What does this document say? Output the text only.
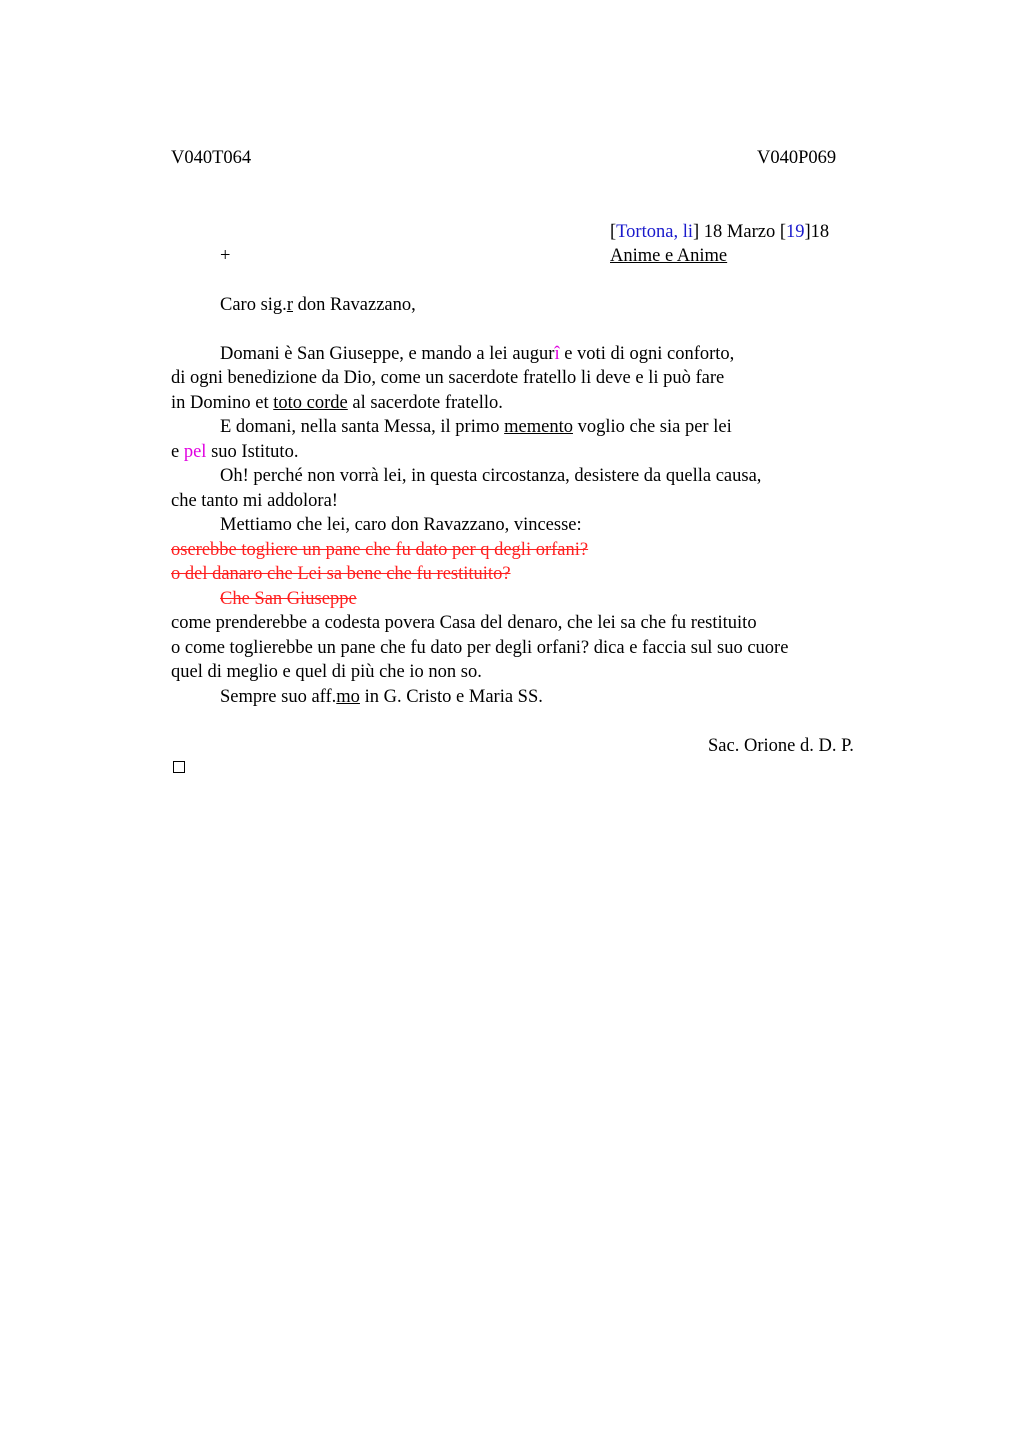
V040T064	V040P069
[Tortona, li] 18 Marzo [19]18
+	Anime e Anime
Caro sig.r don Ravazzano,
Domani è San Giuseppe, e mando a lei augurî e voti di ogni conforto,
di ogni benedizione da Dio, come un sacerdote fratello li deve e li può fare
in Domino et toto corde al sacerdote fratello.
E domani, nella santa Messa, il primo memento voglio che sia per lei
e pel suo Istituto.
Oh! perché non vorrà lei, in questa circostanza, desistere da quella causa,
che tanto mi addolora!
Mettiamo che lei, caro don Ravazzano, vincesse:
oserebbe togliere un pane che fu dato per q degli orfani?
o del danaro che Lei sa bene che fu restituito?
Che San Giuseppe
come prenderebbe a codesta povera Casa del denaro, che lei sa che fu restituito
o come toglierebbe un pane che fu dato per degli orfani? dica e faccia sul suo cuore
quel di meglio e quel di più che io non so.
Sempre suo aff.mo in G. Cristo e Maria SS.
Sac. Orione d. D. P.
